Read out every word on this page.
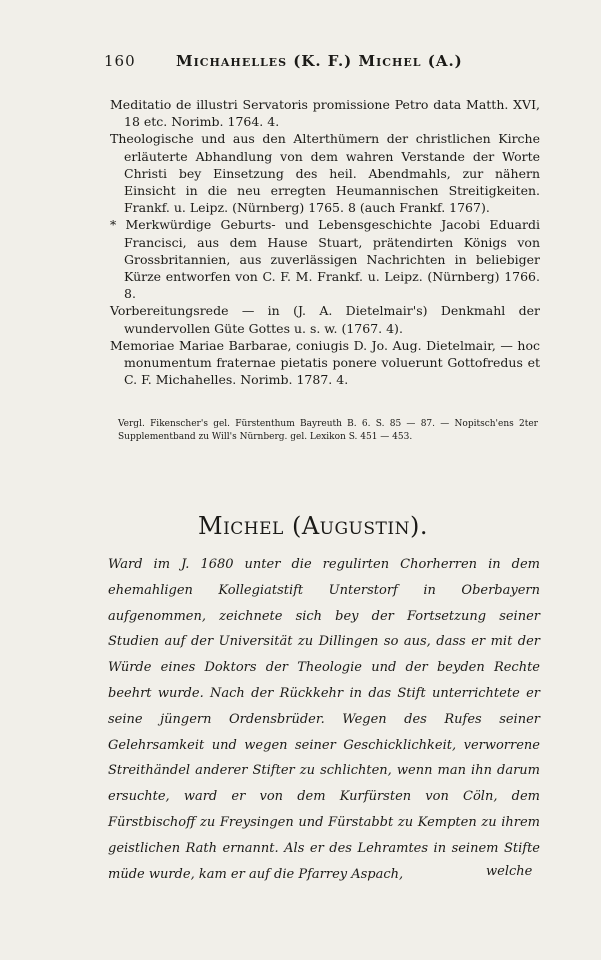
160	Michahelles (K. F.) Michel (A.)

Meditatio de illustri Servatoris promissione Petro data Matth. XVI, 18 etc. Norimb. 1764. 4.

Theologische und aus den Alterthümern der christlichen Kirche erläuterte Abhandlung von dem wahren Verstande der Worte Christi bey Einsetzung des heil. Abendmahls, zur nähern Einsicht in die neu erregten Heumannischen Streitigkeiten. Frankf. u. Leipz. (Nürnberg) 1765. 8 (auch Frankf. 1767).

* Merkwürdige Geburts- und Lebensgeschichte Jacobi Eduardi Francisci, aus dem Hause Stuart, prätendirten Königs von Grossbritannien, aus zuverlässigen Nachrichten in beliebiger Kürze entworfen von C. F. M. Frankf. u. Leipz. (Nürnberg) 1766. 8.

Vorbereitungsrede — in (J. A. Dietelmair's) Denkmahl der wundervollen Güte Gottes u. s. w. (1767. 4).

Memoriae Mariae Barbarae, coniugis D. Jo. Aug. Dietelmair, — hoc monumentum fraternae pietatis ponere voluerunt Gottofredus et C. F. Michahelles. Norimb. 1787. 4.

Vergl. Fikenscher's gel. Fürstenthum Bayreuth B. 6. S. 85 — 87. — Nopitsch'ens 2ter Supplementband zu Will's Nürnberg. gel. Lexikon S. 451 — 453.
Michel (Augustin).
Ward im J. 1680 unter die regulirten Chorherren in dem ehemahligen Kollegiatstift Unterstorf in Oberbayern aufgenommen, zeichnete sich bey der Fortsetzung seiner Studien auf der Universität zu Dillingen so aus, dass er mit der Würde eines Doktors der Theologie und der beyden Rechte beehrt wurde. Nach der Rückkehr in das Stift unterrichtete er seine jüngern Ordensbrüder. Wegen des Rufes seiner Gelehrsamkeit und wegen seiner Geschicklichkeit, verworrene Streithändel anderer Stifter zu schlichten, wenn man ihn darum ersuchte, ward er von dem Kurfürsten von Cöln, dem Fürstbischoff zu Freysingen und Fürstabbt zu Kempten zu ihrem geistlichen Rath ernannt. Als er des Lehramtes in seinem Stifte müde wurde, kam er auf die Pfarrey Aspach,	welche
